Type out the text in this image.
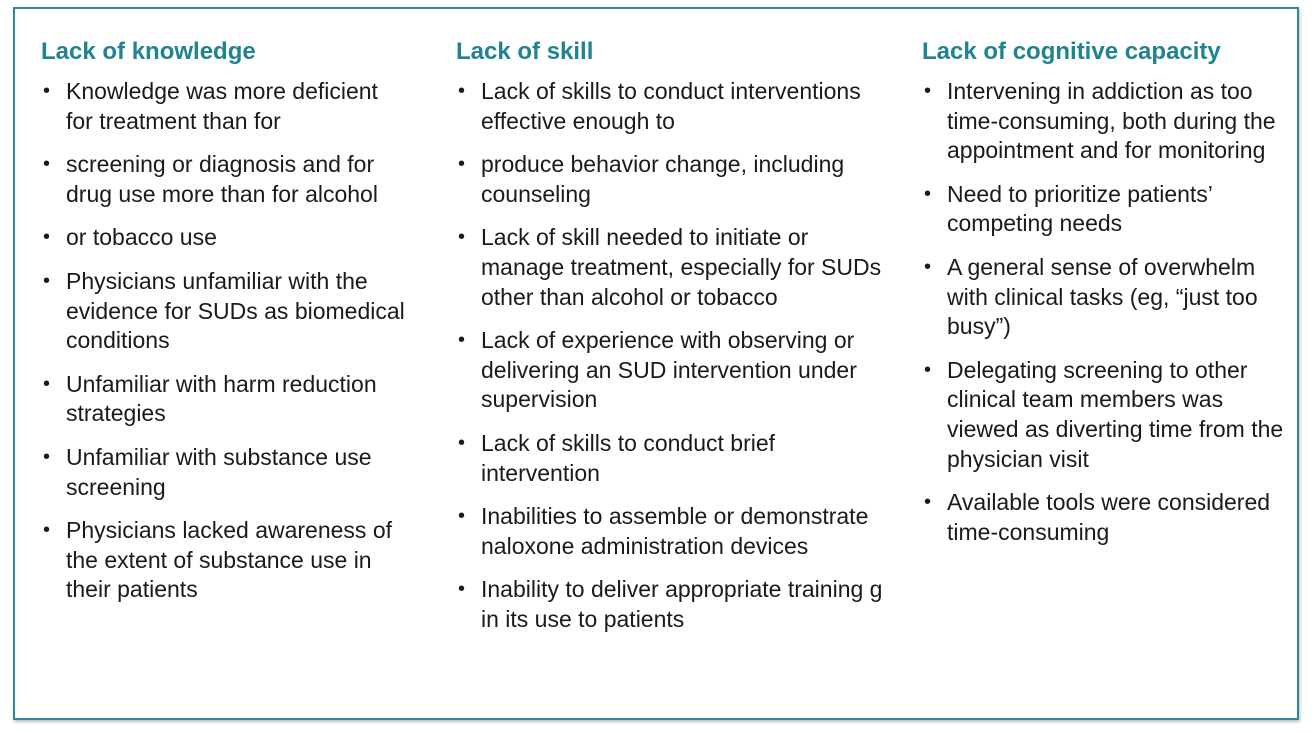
Lack of knowledge
• Knowledge was more deficient for treatment than for
• screening or diagnosis and for drug use more than for alcohol
• or tobacco use
• Physicians unfamiliar with the evidence for SUDs as biomedical conditions
• Unfamiliar with harm reduction strategies
• Unfamiliar with substance use screening
• Physicians lacked awareness of the extent of substance use in their patients
Lack of skill
• Lack of skills to conduct interventions effective enough to
• produce behavior change, including counseling
• Lack of skill needed to initiate or manage treatment, especially for SUDs other than alcohol or tobacco
• Lack of experience with observing or delivering an SUD intervention under supervision
• Lack of skills to conduct brief intervention
• Inabilities to assemble or demonstrate naloxone administration devices
• Inability to deliver appropriate training g in its use to patients
Lack of cognitive capacity
• Intervening in addiction as too time-consuming, both during the appointment and for monitoring
• Need to prioritize patients’ competing needs
• A general sense of overwhelm with clinical tasks (eg, “just too busy”)
• Delegating screening to other clinical team members was viewed as diverting time from the physician visit
• Available tools were considered time-consuming
